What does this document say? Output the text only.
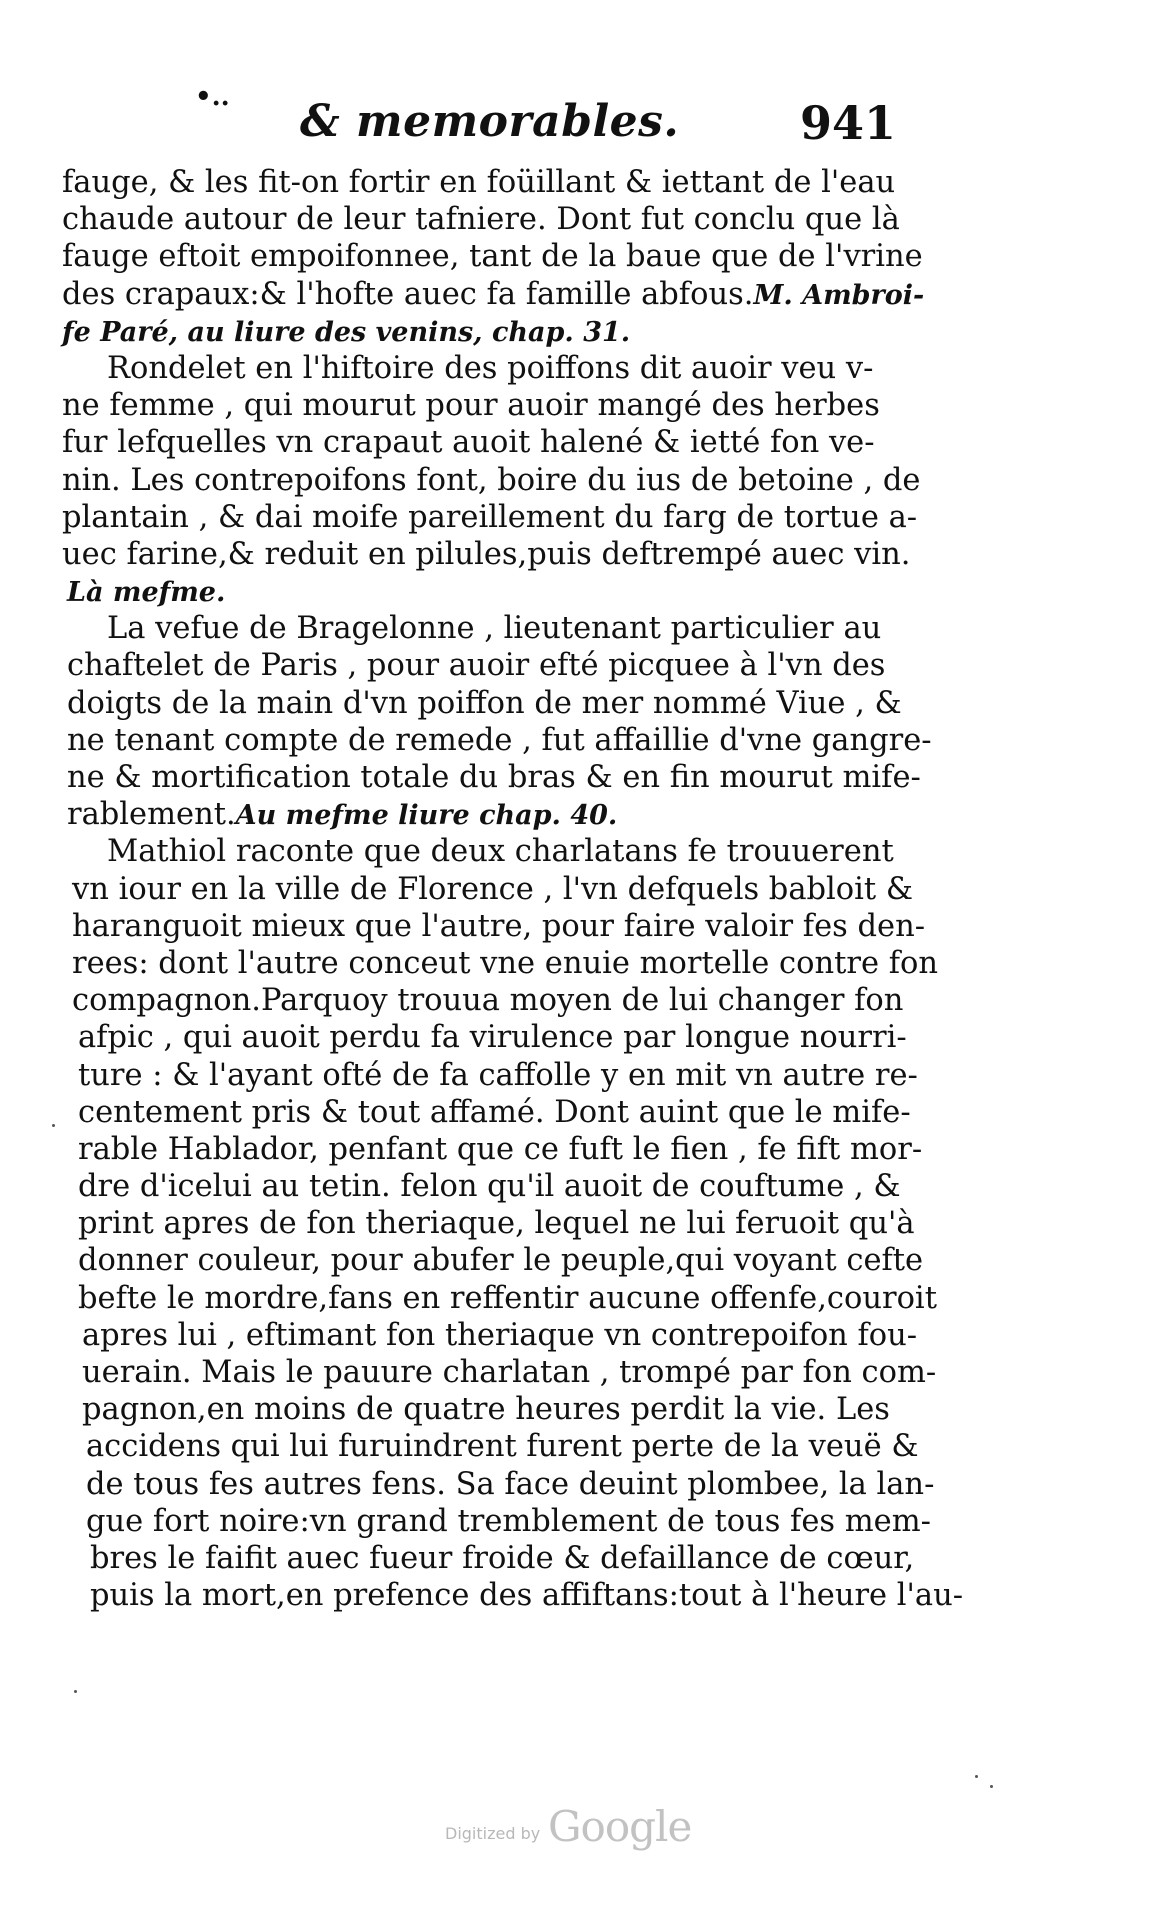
•.. & memorables.	941
fauge, & les fit-on fortir en foüillant & iettant de l'eau
chaude autour de leur tafniere. Dont fut conclu que là
fauge eftoit empoifonnee, tant de la baue que de l'vrine
des crapaux:& l'hofte auec fa famille abfous.M. Ambroi-
fe Paré, au liure des venins, chap. 31.
Rondelet en l'hiftoire des poiffons dit auoir veu v-
ne femme , qui mourut pour auoir mangé des herbes
fur lefquelles vn crapaut auoit halené & ietté fon ve-
nin. Les contrepoifons font, boire du ius de betoine , de
plantain , & dai moife pareillement du farg de tortue a-
uec farine,& reduit en pilules,puis deftrempé auec vin.
Là mefme.
La vefue de Bragelonne , lieutenant particulier au
chaftelet de Paris , pour auoir efté picquee à l'vn des
doigts de la main d'vn poiffon de mer nommé Viue , &
ne tenant compte de remede , fut affaillie d'vne gangre-
ne & mortification totale du bras & en fin mourut mife-
rablement.Au mefme liure chap. 40.
Mathiol raconte que deux charlatans fe trouuerent
vn iour en la ville de Florence , l'vn defquels babloit &
haranguoit mieux que l'autre, pour faire valoir fes den-
rees: dont l'autre conceut vne enuie mortelle contre fon
compagnon.Parquoy trouua moyen de lui changer fon
afpic , qui auoit perdu fa virulence par longue nourri-
ture : & l'ayant ofté de fa caffolle y en mit vn autre re-
centement pris & tout affamé. Dont auint que le mife-
rable Hablador, penfant que ce fuft le fien , fe fift mor-
dre d'icelui au tetin. felon qu'il auoit de couftume , &
print apres de fon theriaque, lequel ne lui feruoit qu'à
donner couleur, pour abufer le peuple,qui voyant cefte
befte le mordre,fans en reffentir aucune offenfe,couroit
apres lui , eftimant fon theriaque vn contrepoifon fou-
uerain. Mais le pauure charlatan , trompé par fon com-
pagnon,en moins de quatre heures perdit la vie. Les
accidens qui lui furuindrent furent perte de la veuë &
de tous fes autres fens. Sa face deuint plombee, la lan-
gue fort noire:vn grand tremblement de tous fes mem-
bres le faifit auec fueur froide & defaillance de cœur,
puis la mort,en prefence des affiftans:tout à l'heure l'au-
Digitized by Google
